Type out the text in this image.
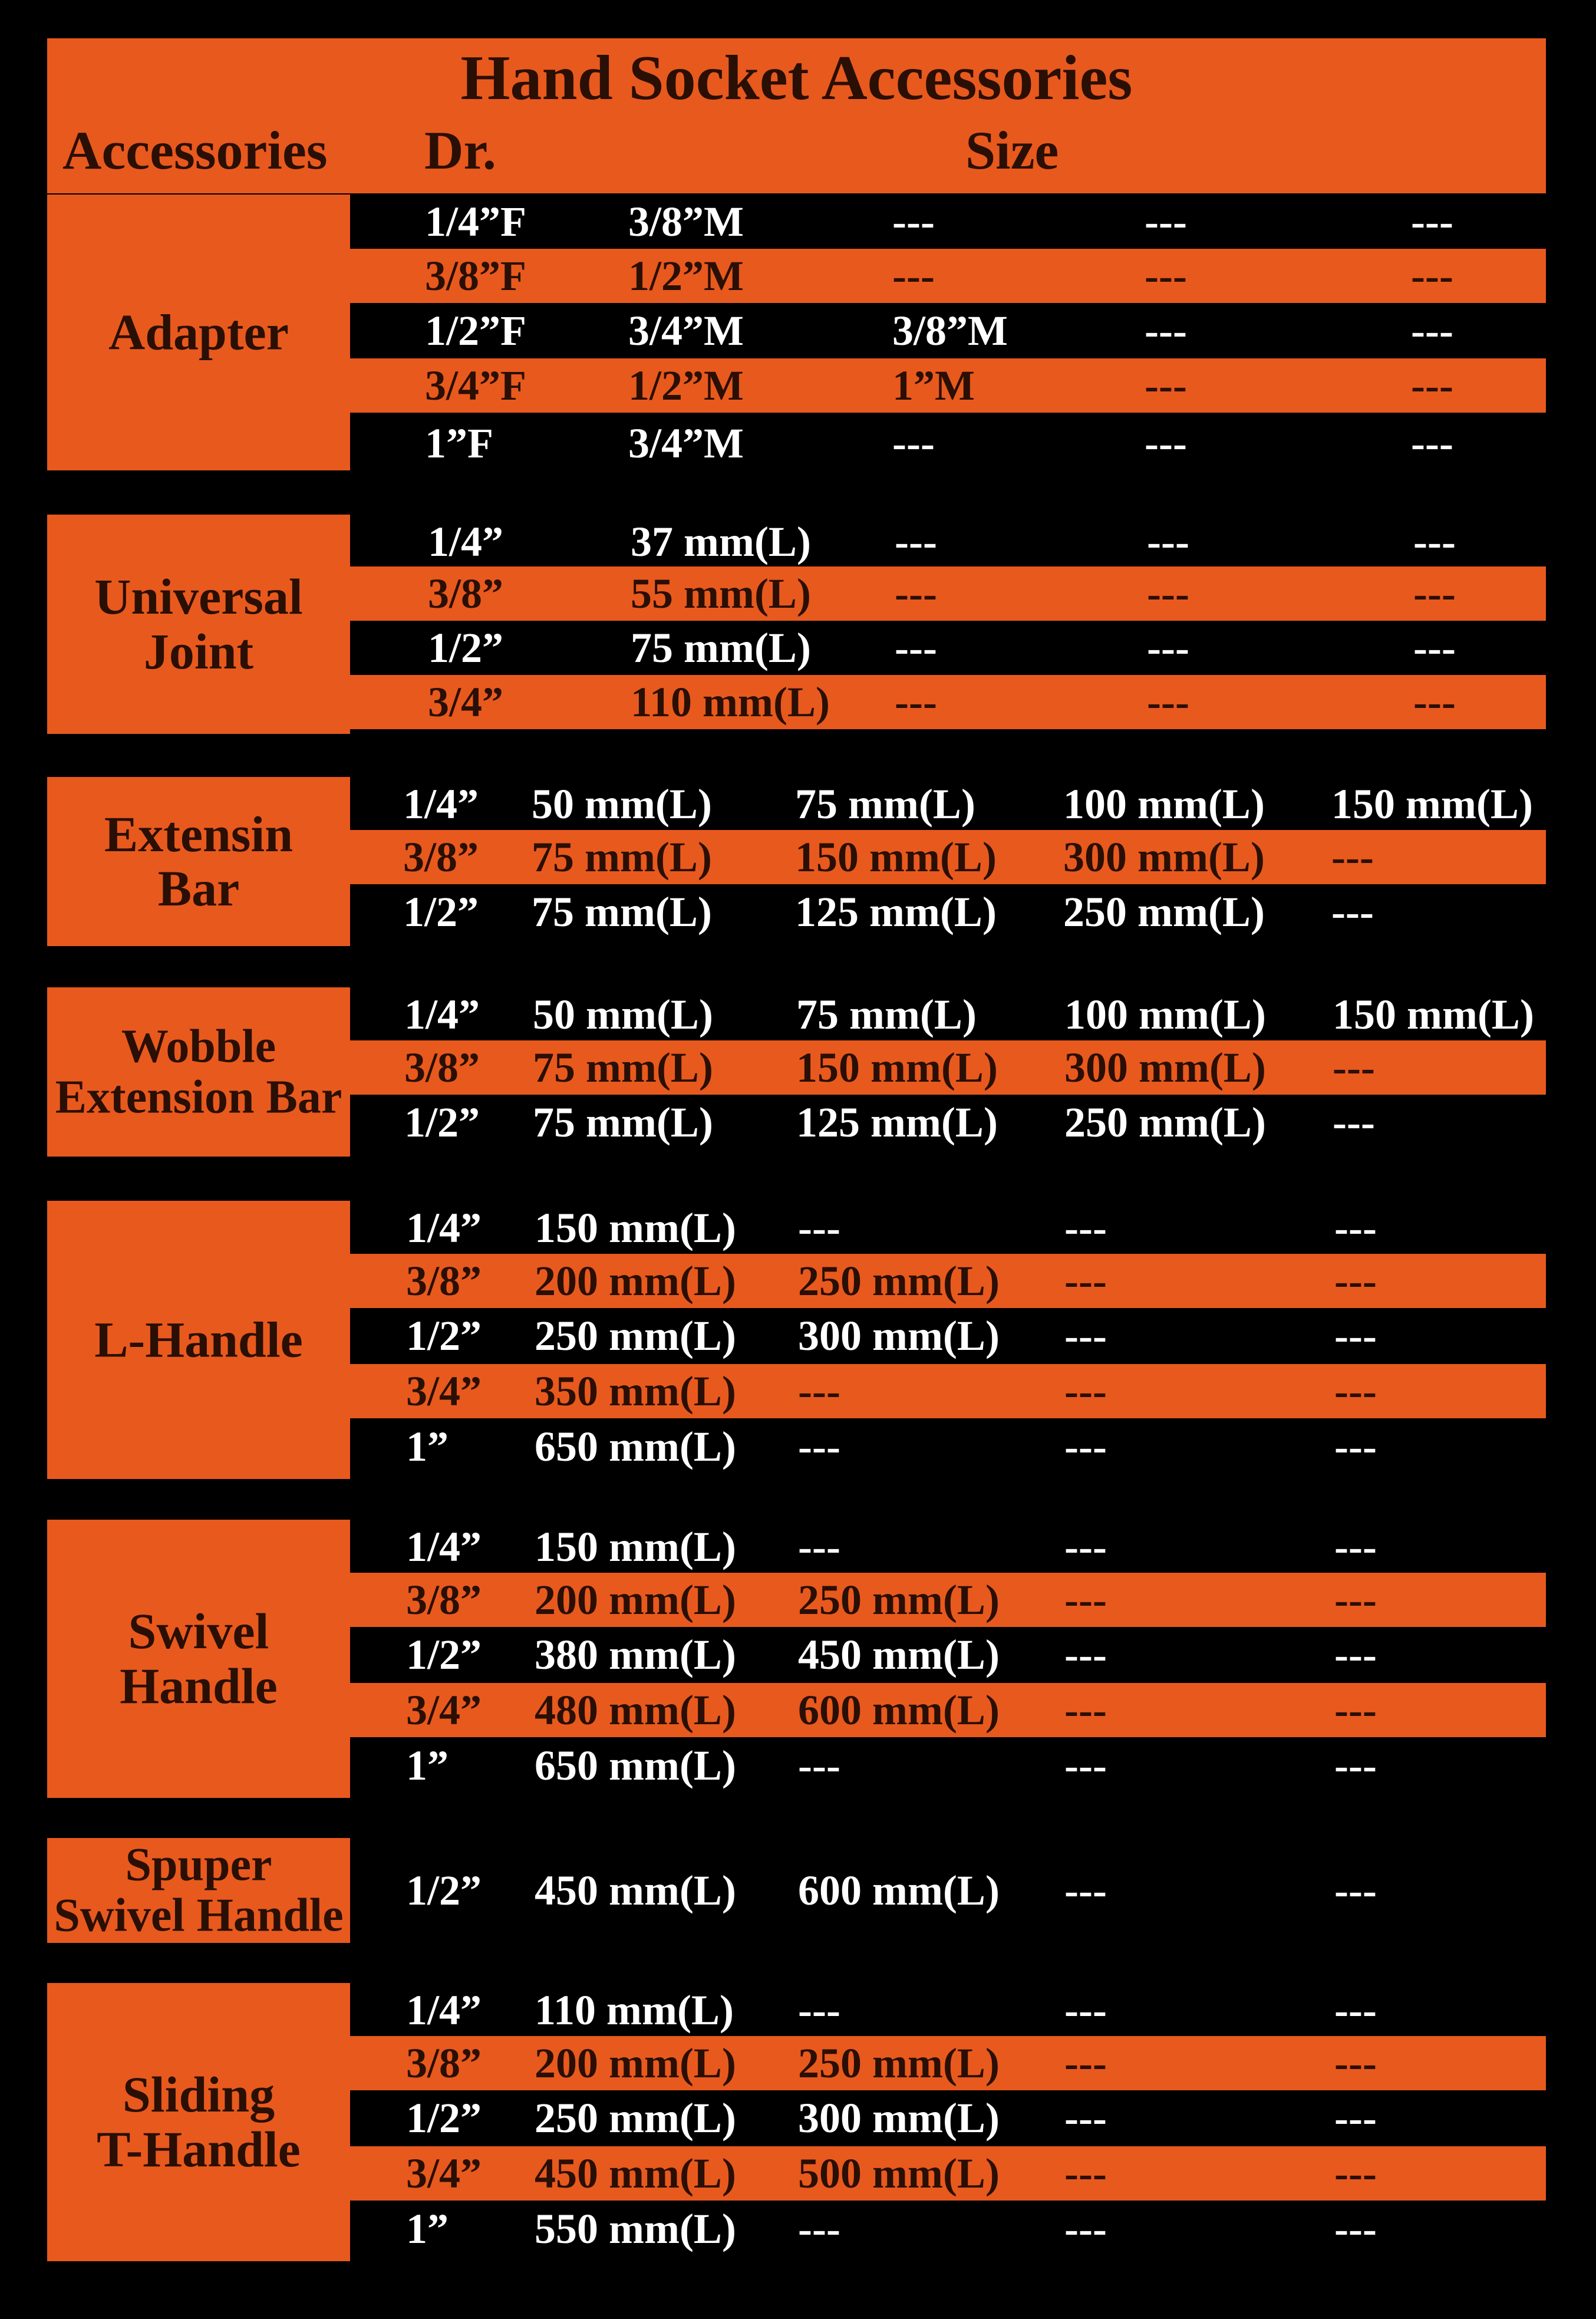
Hand Socket Accessories
Accessories Dr.	Size
Adapter
1/4”F 3/8”M	---	---	---
3/8”F 1/2”M	---	---	---
1/2”F 3/4”M	3/8”M	---	---
3/4”F 1/2”M	1”M	---	---
1”F	3/4”M	---	---	---
Universal
Joint
1/4”	37 mm(L) ---	---	---
3/8”	55 mm(L) ---	---	---
1/2”	75 mm(L) ---	---	---
3/4”	110 mm(L) ---	---	---
Extensin
Bar
1/4” 50 mm(L) 75 mm(L) 100 mm(L) 150 mm(L)
3/8” 75 mm(L) 150 mm(L) 300 mm(L) ---
1/2” 75 mm(L) 125 mm(L) 250 mm(L) ---
Wobble
Extension Bar
1/4” 50 mm(L) 75 mm(L) 100 mm(L) 150 mm(L)
3/8” 75 mm(L) 150 mm(L) 300 mm(L) ---
1/2” 75 mm(L) 125 mm(L) 250 mm(L) ---
L-Handle
1/4” 150 mm(L) ---	---	---
3/8” 200 mm(L) 250 mm(L) ---	---
1/2” 250 mm(L) 300 mm(L) ---	---
3/4” 350 mm(L) ---	---	---
1” 650 mm(L) ---	---	---
Swivel
Handle
1/4” 150 mm(L) ---	---	---
3/8” 200 mm(L) 250 mm(L) ---	---
1/2” 380 mm(L) 450 mm(L) ---	---
3/4” 480 mm(L) 600 mm(L) ---	---
1” 650 mm(L) ---	---	---
Spuper
Swivel Handle 1/2” 450 mm(L) 600 mm(L) ---	---
Sliding
T-Handle
1/4” 110 mm(L) ---	---	---
3/8” 200 mm(L) 250 mm(L) ---	---
1/2” 250 mm(L) 300 mm(L) ---	---
3/4” 450 mm(L) 500 mm(L) ---	---
1” 550 mm(L) ---	---	---
